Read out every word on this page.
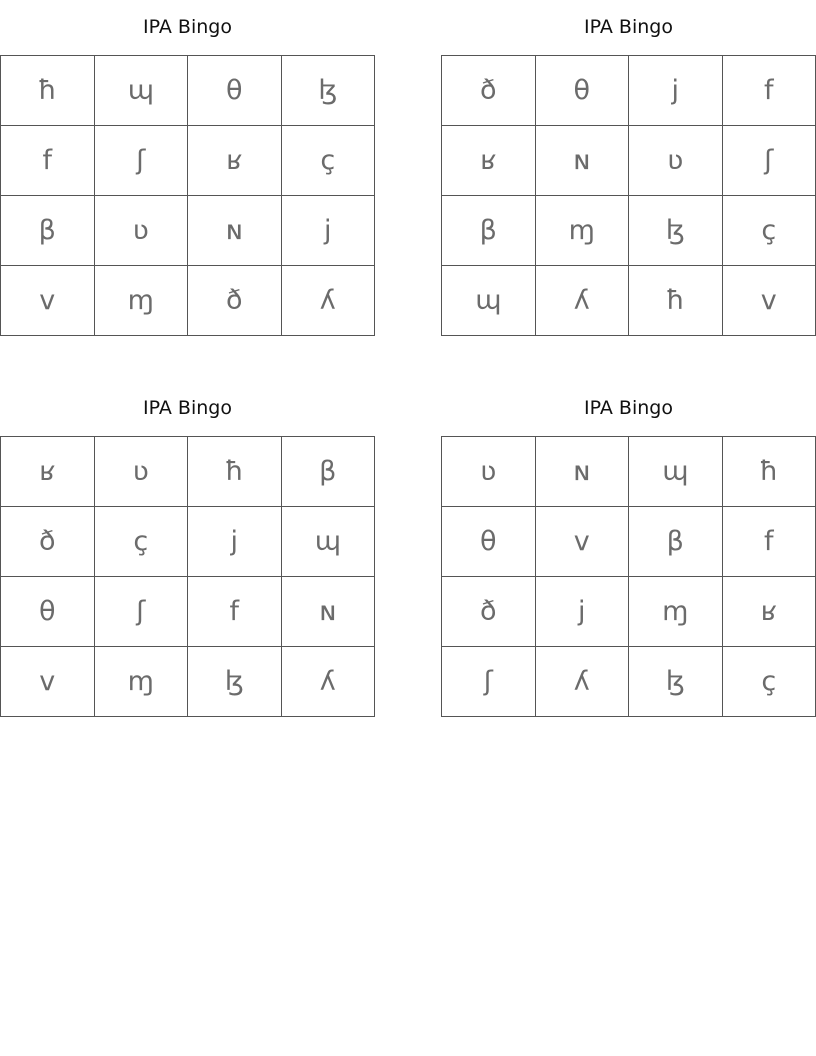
IPA Bingo
ħ	ɰ	θ	ɮ
f	ʃ	ʁ	ç
β	ʋ	ɴ	j
v	ɱ	ð	ʎ
IPA Bingo
ð	θ	j	f
ʁ	ɴ	ʋ	ʃ
β	ɱ	ɮ	ç
ɰ	ʎ	ħ	v
IPA Bingo
ʁ	ʋ	ħ	β
ð	ç	j	ɰ
θ	ʃ	f	ɴ
v	ɱ	ɮ	ʎ
IPA Bingo
ʋ	ɴ	ɰ	ħ
θ	v	β	f
ð	j	ɱ	ʁ
ʃ	ʎ	ɮ	ç
